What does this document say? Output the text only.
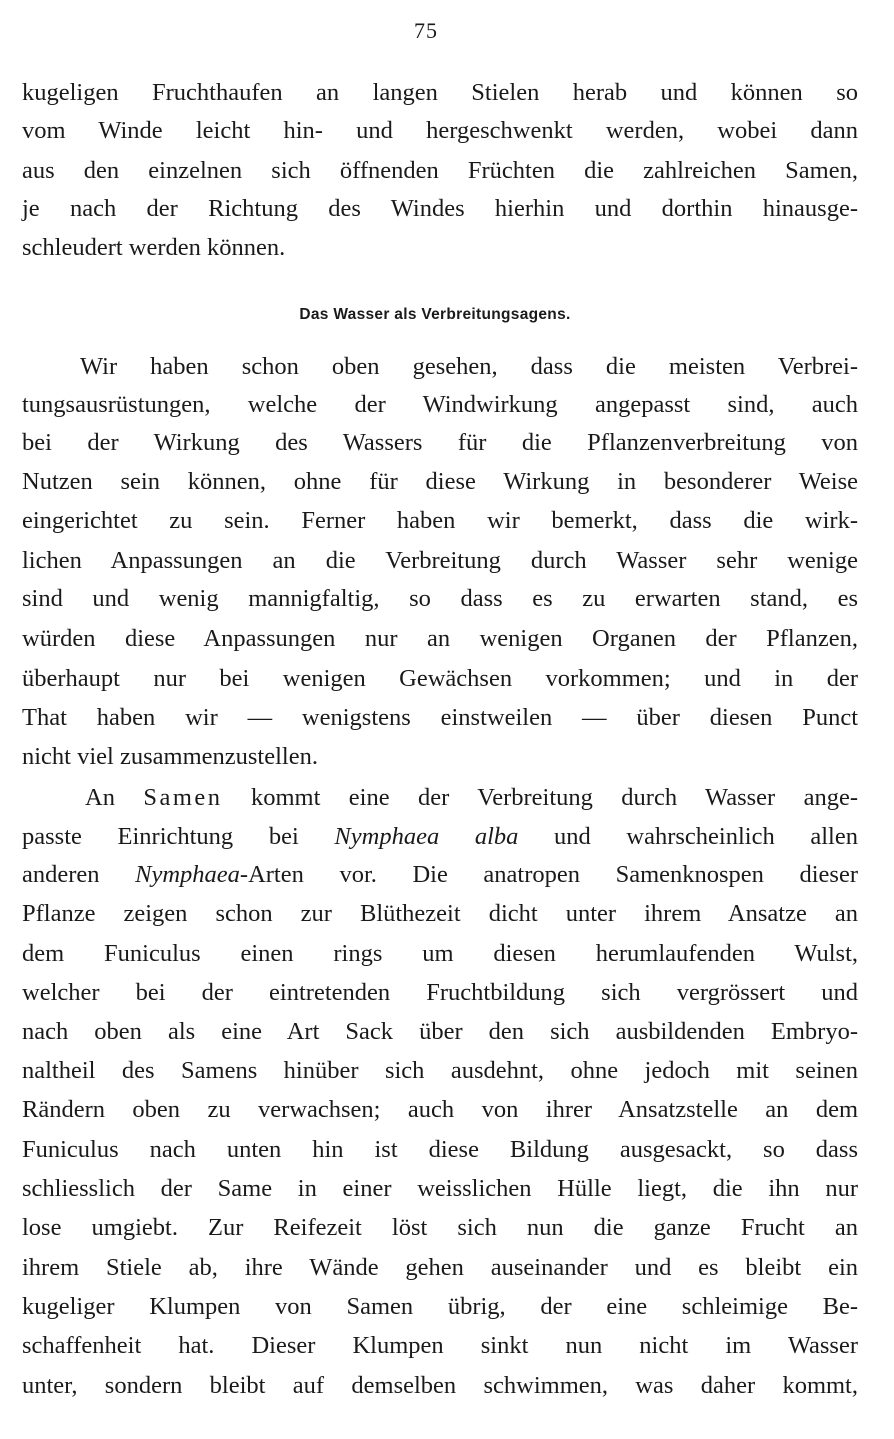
75
kugeligen Fruchthaufen an langen Stielen herab und können so
vom Winde leicht hin- und hergeschwenkt werden, wobei dann
aus den einzelnen sich öffnenden Früchten die zahlreichen Samen,
je nach der Richtung des Windes hierhin und dorthin hinausge-
schleudert werden können.
Das Wasser als Verbreitungsagens.
Wir haben schon oben gesehen, dass die meisten Verbrei-
tungsausrüstungen, welche der Windwirkung angepasst sind, auch
bei der Wirkung des Wassers für die Pflanzenverbreitung von
Nutzen sein können, ohne für diese Wirkung in besonderer Weise
eingerichtet zu sein. Ferner haben wir bemerkt, dass die wirk-
lichen Anpassungen an die Verbreitung durch Wasser sehr wenige
sind und wenig mannigfaltig, so dass es zu erwarten stand, es
würden diese Anpassungen nur an wenigen Organen der Pflanzen,
überhaupt nur bei wenigen Gewächsen vorkommen; und in der
That haben wir — wenigstens einstweilen — über diesen Punct
nicht viel zusammenzustellen.
An Samen kommt eine der Verbreitung durch Wasser ange-
passte Einrichtung bei Nymphaea alba und wahrscheinlich allen
anderen Nymphaea-Arten vor. Die anatropen Samenknospen dieser
Pflanze zeigen schon zur Blüthezeit dicht unter ihrem Ansatze an
dem Funiculus einen rings um diesen herumlaufenden Wulst,
welcher bei der eintretenden Fruchtbildung sich vergrössert und
nach oben als eine Art Sack über den sich ausbildenden Embryo-
naltheil des Samens hinüber sich ausdehnt, ohne jedoch mit seinen
Rändern oben zu verwachsen; auch von ihrer Ansatzstelle an dem
Funiculus nach unten hin ist diese Bildung ausgesackt, so dass
schliesslich der Same in einer weisslichen Hülle liegt, die ihn nur
lose umgiebt. Zur Reifezeit löst sich nun die ganze Frucht an
ihrem Stiele ab, ihre Wände gehen auseinander und es bleibt ein
kugeliger Klumpen von Samen übrig, der eine schleimige Be-
schaffenheit hat. Dieser Klumpen sinkt nun nicht im Wasser
unter, sondern bleibt auf demselben schwimmen, was daher kommt,
